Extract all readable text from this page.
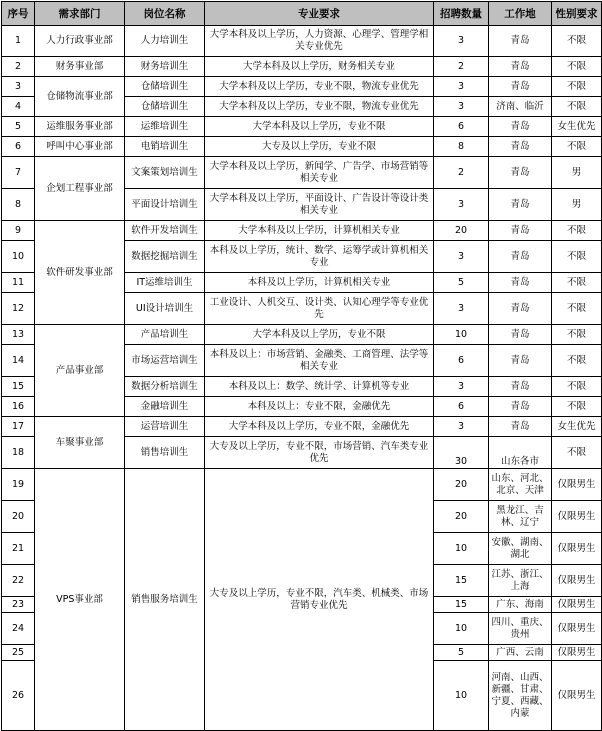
序号	需求部门	岗位名称	专业要求	招聘数量	工作地	性别要求
1	人力行政事业部	人力培训生	大学本科及以上学历，人力资源、心理学、管理学相关专业优先	3	青岛	不限
2	财务事业部	财务培训生	大学本科及以上学历，财务相关专业	2	青岛	不限
3	仓储物流事业部	仓储培训生	大学本科及以上学历，专业不限，物流专业优先	3	青岛	不限
4		仓储培训生	大学本科及以上学历，专业不限，物流专业优先	3	济南、临沂	不限
5	运维服务事业部	运维培训生	大学本科及以上学历，专业不限	6	青岛	女生优先
6	呼叫中心事业部	电销培训生	大专及以上学历，专业不限	8	青岛	不限
7	企划工程事业部	文案策划培训生	大学本科及以上学历，新闻学、广告学、市场营销等相关专业	2	青岛	男
8		平面设计培训生	大学本科及以上学历，平面设计、广告设计等设计类相关专业	3	青岛	男
9	软件研发事业部	软件开发培训生	大学本科及以上学历，计算机相关专业	20	青岛	不限
10		数据挖掘培训生	本科及以上学历，统计、数学、运筹学或计算机相关专业	3	青岛	不限
11		IT运维培训生	本科及以上学历，计算机相关专业	5	青岛	不限
12		UI设计培训生	工业设计、人机交互、设计类、认知心理学等专业优先	3	青岛	不限
13	产品事业部	产品培训生	大学本科及以上学历，专业不限	10	青岛	不限
14		市场运营培训生	本科及以上：市场营销、金融类、工商管理、法学等相关专业	6	青岛	不限
15		数据分析培训生	本科及以上：数学、统计学、计算机等专业	3	青岛	不限
16		金融培训生	本科及以上：专业不限，金融优先	6	青岛	不限
17	车聚事业部	运营培训生	大学本科及以上学历，专业不限，金融优先	3	青岛	女生优先
18		销售培训生	大专及以上学历，专业不限，市场营销、汽车类专业优先	30	山东各市	不限
19	VPS事业部	销售服务培训生	大专及以上学历，专业不限，汽车类、机械类、市场营销专业优先	20	山东、河北、北京、天津	仅限男生
20				20	黑龙江、吉林、辽宁	仅限男生
21				10	安徽、湖南、湖北	仅限男生
22				15	江苏、浙江、上海	仅限男生
23				15	广东、海南	仅限男生
24				10	四川、重庆、贵州	仅限男生
25				5	广西、云南	仅限男生
26				10	河南、山西、新疆、甘肃、宁夏、西藏、内蒙	仅限男生
